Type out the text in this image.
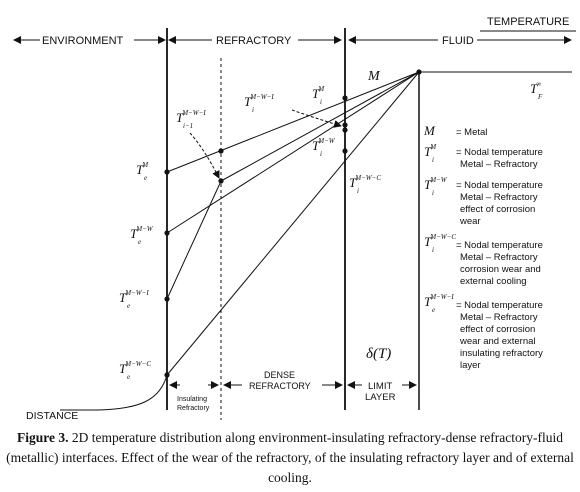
TEMPERATURE
ENVIRONMENT	REFRACTORY	FLUID
DISTANCE
TM
e
TM−W
e
TM−W−I
e
TM−W−C
e
TM−W−I
i−1
TM−W−I
i
TM
i
TM−W
i
TM−W−C
i
M
T∞
F
δ(T)
Insulating
Refractory
DENSE
REFRACTORY	LIMIT
LAYER
M = Metal
TM
i
= Nodal temperature
Metal – Refractory
TM−W
i
= Nodal temperature
Metal – Refractory
effect of corrosion
wear
TM−W−C
i = Nodal temperature
Metal – Refractory
corrosion wear and
external cooling
TM−W−I
e = Nodal temperature
Metal – Refractory
effect of corrosion
wear and external
insulating refractory
layer
Figure 3. 2D temperature distribution along environment-insulating refractory-dense refractory-fluid (metallic) interfaces. Effect of the wear of the refractory, of the insulating refractory layer and of external cooling.
